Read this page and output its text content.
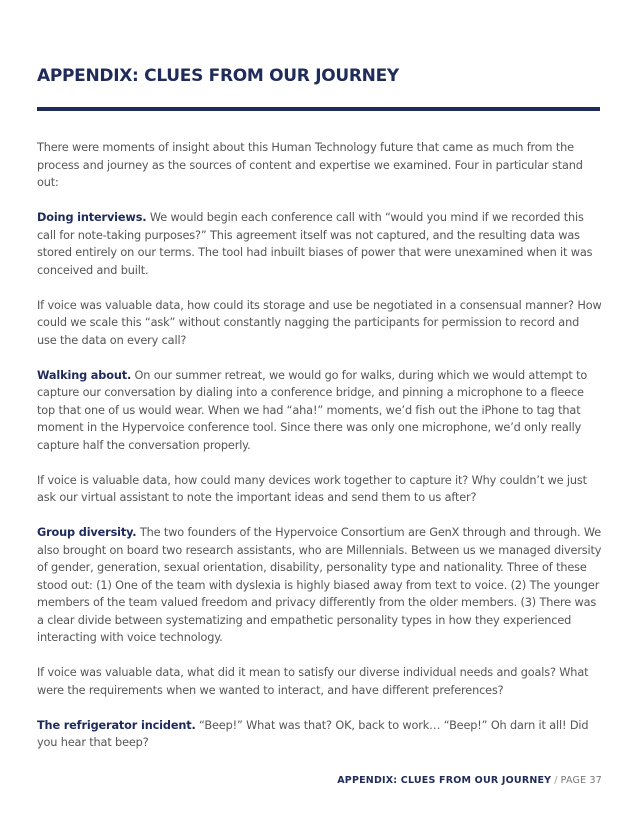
APPENDIX: CLUES FROM OUR JOURNEY

There were moments of insight about this Human Technology future that came as much from the process and journey as the sources of content and expertise we examined. Four in particular stand out:

Doing interviews. We would begin each conference call with “would you mind if we recorded this call for note-taking purposes?” This agreement itself was not captured, and the resulting data was stored entirely on our terms. The tool had inbuilt biases of power that were unexamined when it was conceived and built.

If voice was valuable data, how could its storage and use be negotiated in a consensual manner? How could we scale this “ask” without constantly nagging the participants for permission to record and use the data on every call?

Walking about. On our summer retreat, we would go for walks, during which we would attempt to capture our conversation by dialing into a conference bridge, and pinning a microphone to a fleece top that one of us would wear. When we had “aha!” moments, we’d fish out the iPhone to tag that moment in the Hypervoice conference tool. Since there was only one microphone, we’d only really capture half the conversation properly.

If voice is valuable data, how could many devices work together to capture it? Why couldn’t we just ask our virtual assistant to note the important ideas and send them to us after?

Group diversity. The two founders of the Hypervoice Consortium are GenX through and through. We also brought on board two research assistants, who are Millennials. Between us we managed diversity of gender, generation, sexual orientation, disability, personality type and nationality. Three of these stood out: (1) One of the team with dyslexia is highly biased away from text to voice. (2) The younger members of the team valued freedom and privacy differently from the older members. (3) There was a clear divide between systematizing and empathetic personality types in how they experienced interacting with voice technology.

If voice was valuable data, what did it mean to satisfy our diverse individual needs and goals? What were the requirements when we wanted to interact, and have different preferences?

The refrigerator incident. “Beep!” What was that? OK, back to work… “Beep!” Oh darn it all! Did you hear that beep?

APPENDIX: CLUES FROM OUR JOURNEY / PAGE 37
